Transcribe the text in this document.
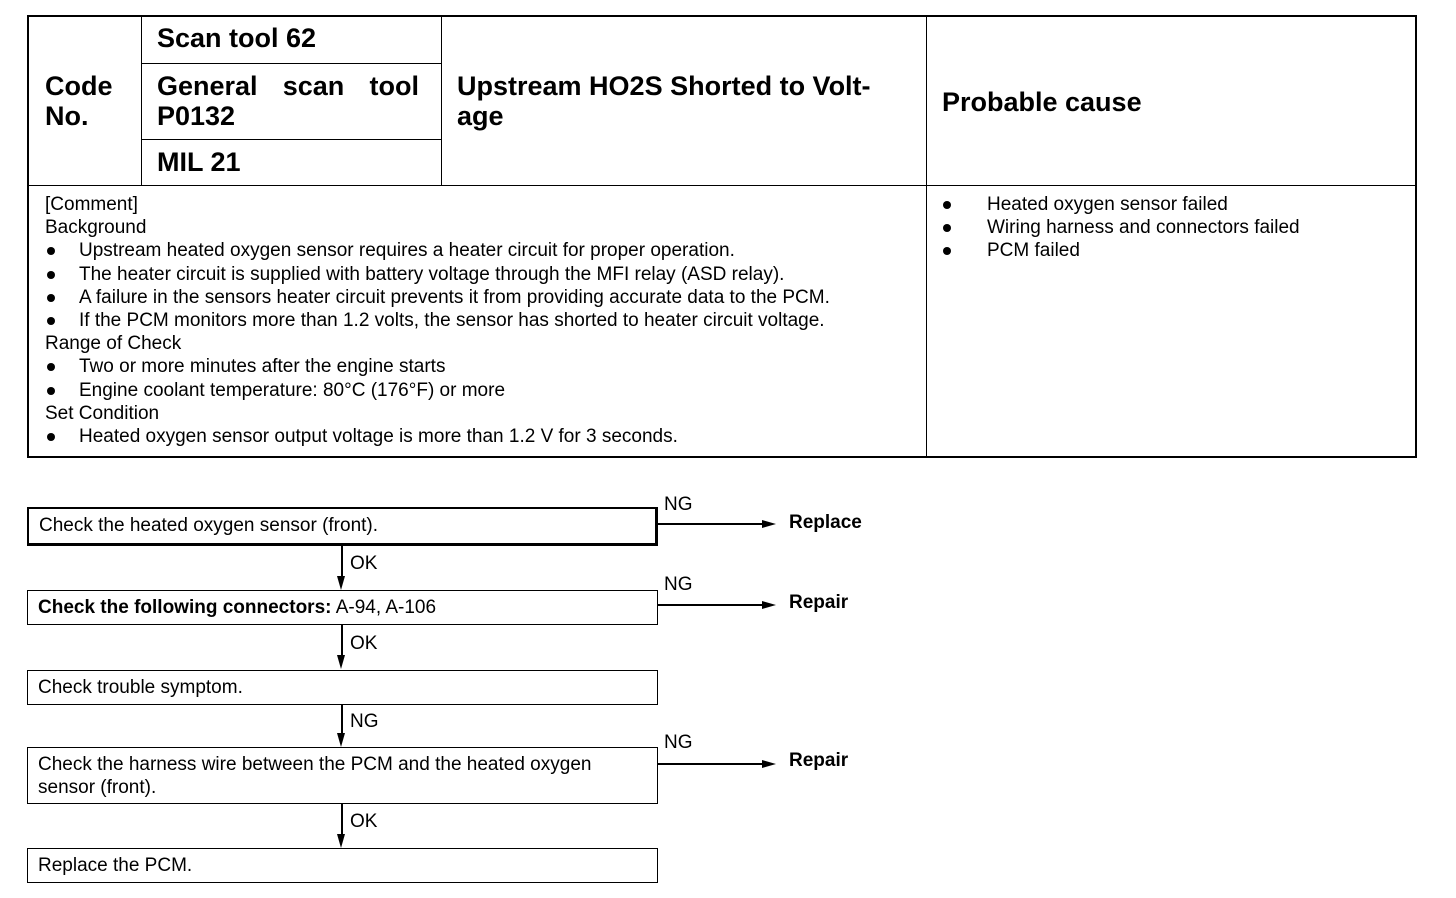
Code No.
Scan tool 62
General scan tool P0132
MIL 21
Upstream HO2S Shorted to Volt-age	Probable cause
[Comment]
Background
Upstream heated oxygen sensor requires a heater circuit for proper operation.
The heater circuit is supplied with battery voltage through the MFI relay (ASD relay).
A failure in the sensors heater circuit prevents it from providing accurate data to the PCM.
If the PCM monitors more than 1.2 volts, the sensor has shorted to heater circuit voltage.
Range of Check
Two or more minutes after the engine starts
Engine coolant temperature: 80°C (176°F) or more
Set Condition
Heated oxygen sensor output voltage is more than 1.2 V for 3 seconds.
Heated oxygen sensor failed
Wiring harness and connectors failed
PCM failed
Check the heated oxygen sensor (front).
NG
Replace
OK
Check the following connectors: A-94, A-106
NG
Repair
OK
Check trouble symptom.
NG
Check the harness wire between the PCM and the heated oxygen sensor (front).
NG
Repair
OK
Replace the PCM.
